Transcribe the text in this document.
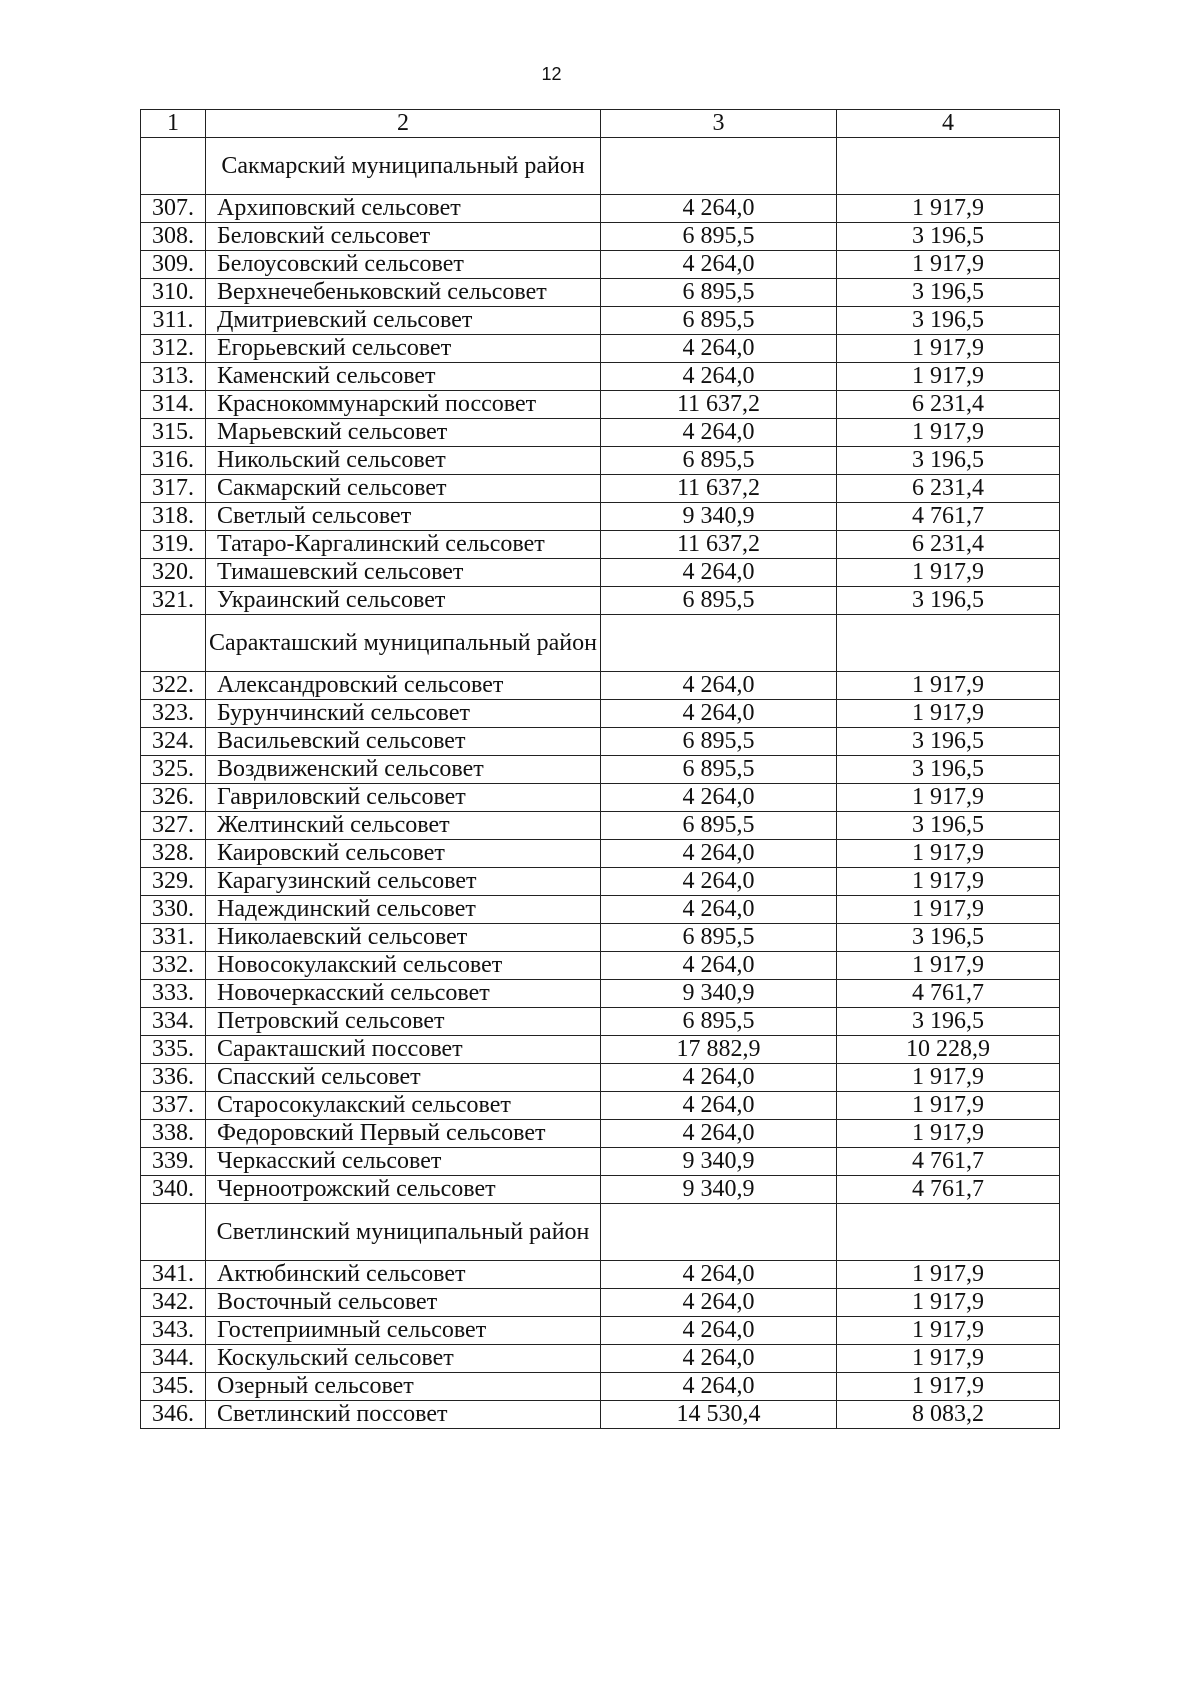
12
1	2	3	4
	Сакмарский муниципальный район		
307.	Архиповский сельсовет	4 264,0	1 917,9
308.	Беловский сельсовет	6 895,5	3 196,5
309.	Белоусовский сельсовет	4 264,0	1 917,9
310.	Верхнечебеньковский сельсовет	6 895,5	3 196,5
311.	Дмитриевский сельсовет	6 895,5	3 196,5
312.	Егорьевский сельсовет	4 264,0	1 917,9
313.	Каменский сельсовет	4 264,0	1 917,9
314.	Краснокоммунарский поссовет	11 637,2	6 231,4
315.	Марьевский сельсовет	4 264,0	1 917,9
316.	Никольский сельсовет	6 895,5	3 196,5
317.	Сакмарский сельсовет	11 637,2	6 231,4
318.	Светлый сельсовет	9 340,9	4 761,7
319.	Татаро-Каргалинский сельсовет	11 637,2	6 231,4
320.	Тимашевский сельсовет	4 264,0	1 917,9
321.	Украинский сельсовет	6 895,5	3 196,5
	Саракташский муниципальный район		
322.	Александровский сельсовет	4 264,0	1 917,9
323.	Бурунчинский сельсовет	4 264,0	1 917,9
324.	Васильевский сельсовет	6 895,5	3 196,5
325.	Воздвиженский сельсовет	6 895,5	3 196,5
326.	Гавриловский сельсовет	4 264,0	1 917,9
327.	Желтинский сельсовет	6 895,5	3 196,5
328.	Каировский сельсовет	4 264,0	1 917,9
329.	Карагузинский сельсовет	4 264,0	1 917,9
330.	Надеждинский сельсовет	4 264,0	1 917,9
331.	Николаевский сельсовет	6 895,5	3 196,5
332.	Новосокулакский сельсовет	4 264,0	1 917,9
333.	Новочеркасский сельсовет	9 340,9	4 761,7
334.	Петровский сельсовет	6 895,5	3 196,5
335.	Саракташский поссовет	17 882,9	10 228,9
336.	Спасский сельсовет	4 264,0	1 917,9
337.	Старосокулакский сельсовет	4 264,0	1 917,9
338.	Федоровский Первый сельсовет	4 264,0	1 917,9
339.	Черкасский сельсовет	9 340,9	4 761,7
340.	Черноотрожский сельсовет	9 340,9	4 761,7
	Светлинский муниципальный район		
341.	Актюбинский сельсовет	4 264,0	1 917,9
342.	Восточный сельсовет	4 264,0	1 917,9
343.	Гостеприимный сельсовет	4 264,0	1 917,9
344.	Коскульский сельсовет	4 264,0	1 917,9
345.	Озерный сельсовет	4 264,0	1 917,9
346.	Светлинский поссовет	14 530,4	8 083,2
